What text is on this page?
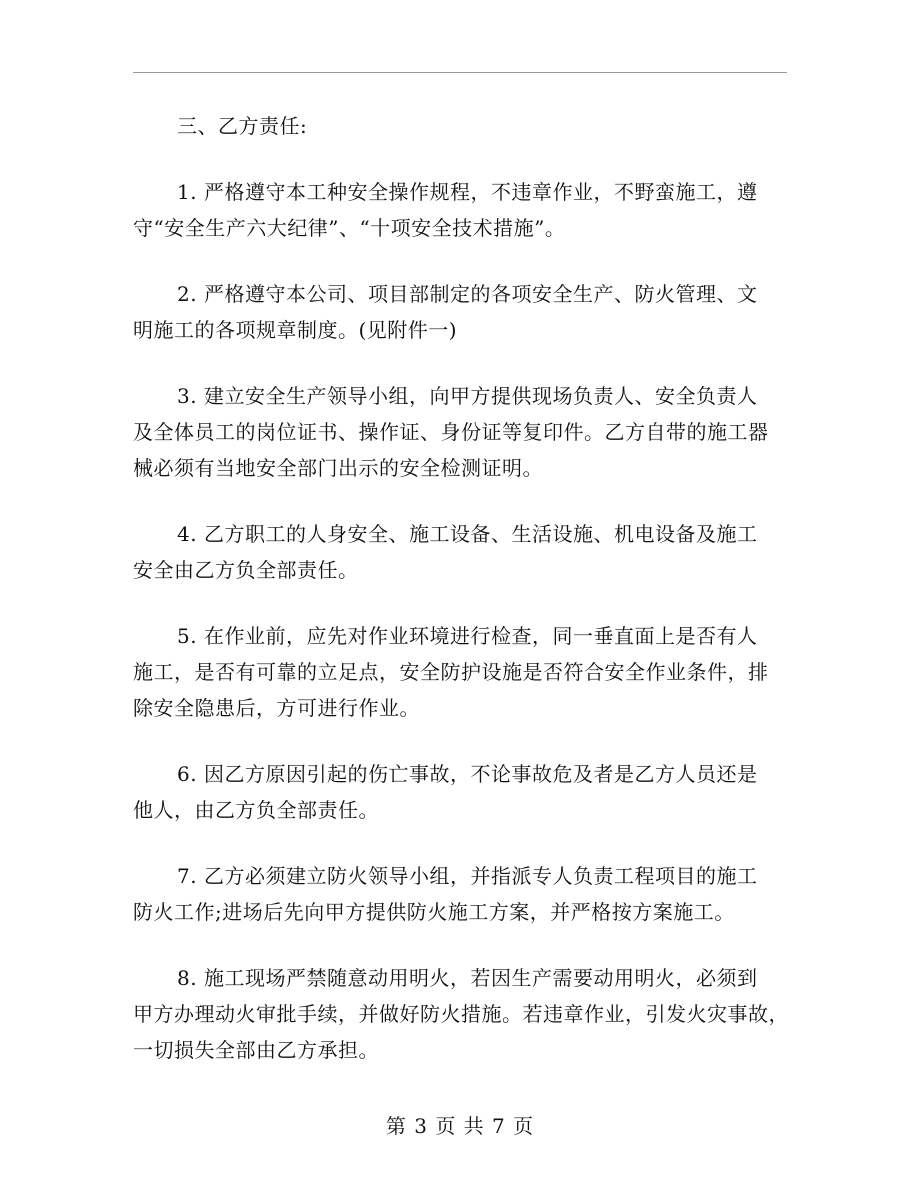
三、乙方责任:

1. 严格遵守本工种安全操作规程，不违章作业，不野蛮施工，遵
守“安全生产六大纪律”、“十项安全技术措施”。

2. 严格遵守本公司、项目部制定的各项安全生产、防火管理、文
明施工的各项规章制度。(见附件一)

3. 建立安全生产领导小组，向甲方提供现场负责人、安全负责人
及全体员工的岗位证书、操作证、身份证等复印件。乙方自带的施工器
械必须有当地安全部门出示的安全检测证明。

4. 乙方职工的人身安全、施工设备、生活设施、机电设备及施工
安全由乙方负全部责任。

5. 在作业前，应先对作业环境进行检查，同一垂直面上是否有人
施工，是否有可靠的立足点，安全防护设施是否符合安全作业条件，排
除安全隐患后，方可进行作业。

6. 因乙方原因引起的伤亡事故，不论事故危及者是乙方人员还是
他人，由乙方负全部责任。

7. 乙方必须建立防火领导小组，并指派专人负责工程项目的施工
防火工作;进场后先向甲方提供防火施工方案，并严格按方案施工。

8. 施工现场严禁随意动用明火，若因生产需要动用明火，必须到
甲方办理动火审批手续，并做好防火措施。若违章作业，引发火灾事故，
一切损失全部由乙方承担。

第 3 页 共 7 页
